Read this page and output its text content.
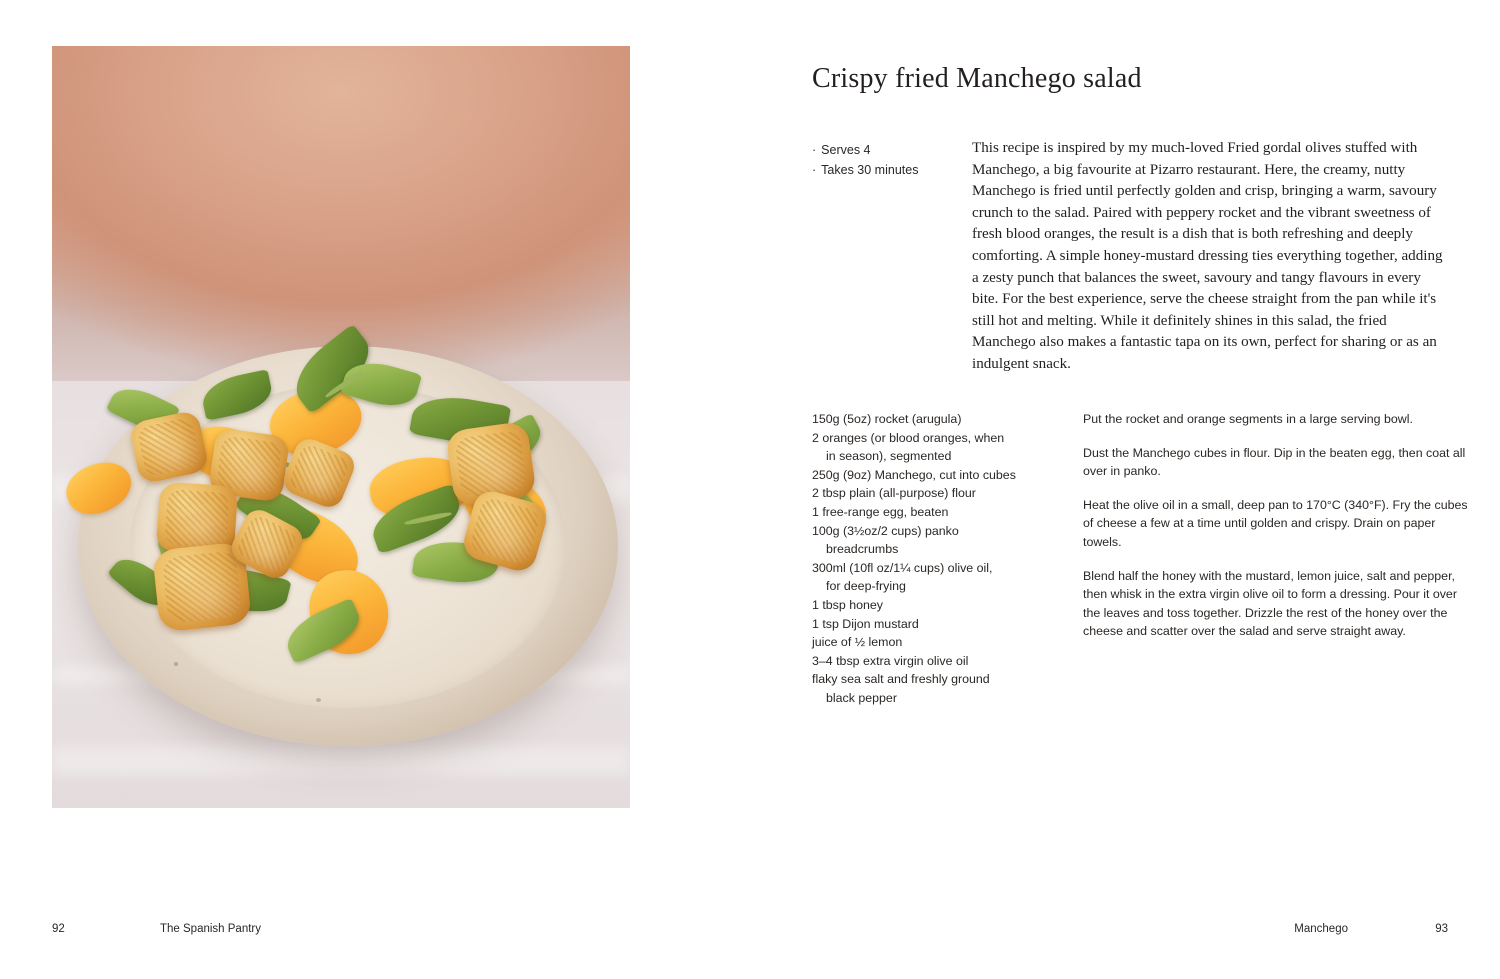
92	The Spanish Pantry
Crispy fried Manchego salad
· Serves 4
· Takes 30 minutes
This recipe is inspired by my much-loved Fried gordal olives stuffed with Manchego, a big favourite at Pizarro restaurant. Here, the creamy, nutty Manchego is fried until perfectly golden and crisp, bringing a warm, savoury crunch to the salad. Paired with peppery rocket and the vibrant sweetness of fresh blood oranges, the result is a dish that is both refreshing and deeply comforting. A simple honey-mustard dressing ties everything together, adding a zesty punch that balances the sweet, savoury and tangy flavours in every bite. For the best experience, serve the cheese straight from the pan while it's still hot and melting. While it definitely shines in this salad, the fried Manchego also makes a fantastic tapa on its own, perfect for sharing or as an indulgent snack.
150g (5oz) rocket (arugula)
2 oranges (or blood oranges, when
in season), segmented
250g (9oz) Manchego, cut into cubes
2 tbsp plain (all-purpose) flour
1 free-range egg, beaten
100g (3½oz/2 cups) panko
breadcrumbs
300ml (10fl oz/1¼ cups) olive oil,
for deep-frying
1 tbsp honey
1 tsp Dijon mustard
juice of ½ lemon
3–4 tbsp extra virgin olive oil
flaky sea salt and freshly ground
black pepper

Put the rocket and orange segments in a large serving bowl.

Dust the Manchego cubes in flour. Dip in the beaten egg, then coat all over in panko.

Heat the olive oil in a small, deep pan to 170°C (340°F). Fry the cubes of cheese a few at a time until golden and crispy. Drain on paper towels.

Blend half the honey with the mustard, lemon juice, salt and pepper, then whisk in the extra virgin olive oil to form a dressing. Pour it over the leaves and toss together. Drizzle the rest of the honey over the cheese and scatter over the salad and serve straight away.

Manchego	93
